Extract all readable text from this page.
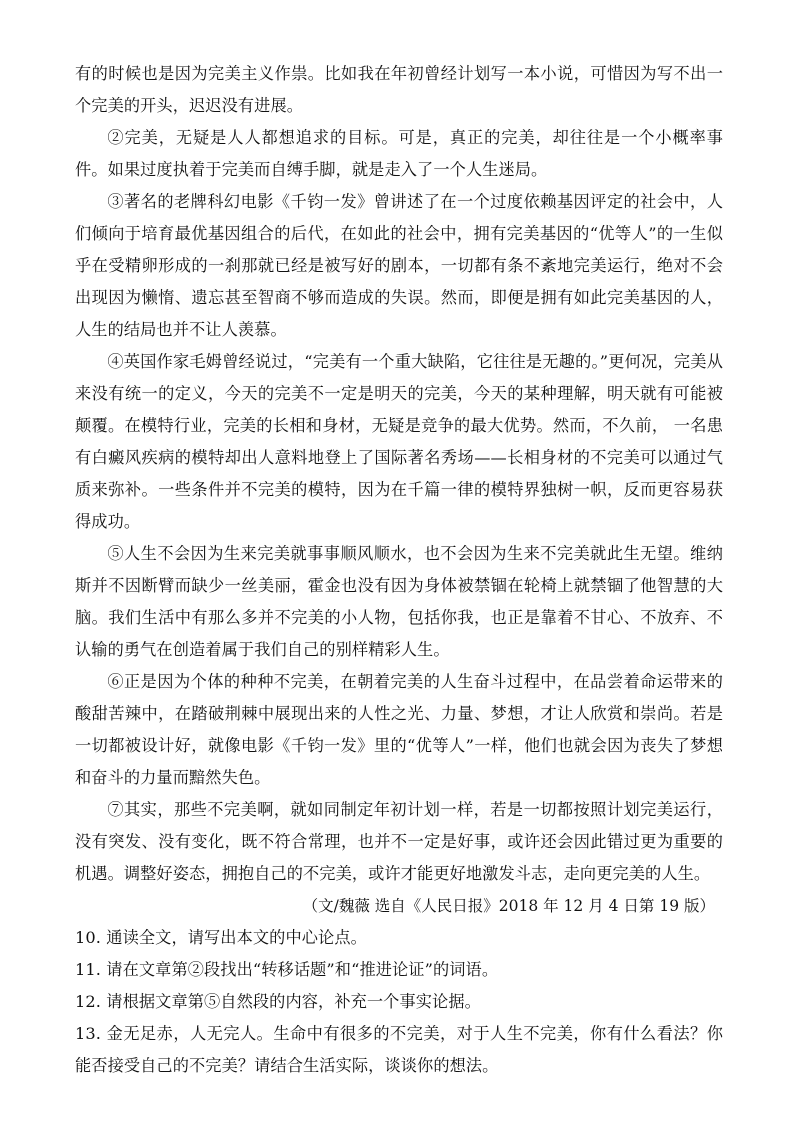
有的时候也是因为完美主义作祟。比如我在年初曾经计划写一本小说，可惜因为写不出一个完美的开头，迟迟没有进展。

②完美，无疑是人人都想追求的目标。可是，真正的完美，却往往是一个小概率事件。如果过度执着于完美而自缚手脚，就是走入了一个人生迷局。

③著名的老牌科幻电影《千钧一发》曾讲述了在一个过度依赖基因评定的社会中，人们倾向于培育最优基因组合的后代，在如此的社会中，拥有完美基因的“优等人”的一生似乎在受精卵形成的一刹那就已经是被写好的剧本，一切都有条不紊地完美运行，绝对不会出现因为懒惰、遗忘甚至智商不够而造成的失误。然而，即便是拥有如此完美基因的人，人生的结局也并不让人羡慕。

④英国作家毛姆曾经说过，“完美有一个重大缺陷，它往往是无趣的。”更何况，完美从来没有统一的定义，今天的完美不一定是明天的完美，今天的某种理解，明天就有可能被颠覆。在模特行业，完美的长相和身材，无疑是竞争的最大优势。然而，不久前， 一名患有白癜风疾病的模特却出人意料地登上了国际著名秀场——长相身材的不完美可以通过气质来弥补。一些条件并不完美的模特，因为在千篇一律的模特界独树一帜，反而更容易获得成功。

⑤人生不会因为生来完美就事事顺风顺水，也不会因为生来不完美就此生无望。维纳斯并不因断臂而缺少一丝美丽，霍金也没有因为身体被禁锢在轮椅上就禁锢了他智慧的大脑。我们生活中有那么多并不完美的小人物，包括你我，也正是靠着不甘心、不放弃、不认输的勇气在创造着属于我们自己的别样精彩人生。

⑥正是因为个体的种种不完美，在朝着完美的人生奋斗过程中，在品尝着命运带来的酸甜苦辣中，在踏破荆棘中展现出来的人性之光、力量、梦想，才让人欣赏和崇尚。若是一切都被设计好，就像电影《千钧一发》里的“优等人”一样，他们也就会因为丧失了梦想和奋斗的力量而黯然失色。

⑦其实，那些不完美啊，就如同制定年初计划一样，若是一切都按照计划完美运行，没有突发、没有变化，既不符合常理，也并不一定是好事，或许还会因此错过更为重要的机遇。调整好姿态，拥抱自己的不完美，或许才能更好地激发斗志，走向更完美的人生。

（文/魏薇 选自《人民日报》2018 年 12 月 4 日第 19 版）

10. 通读全文，请写出本文的中心论点。

11. 请在文章第②段找出“转移话题”和“推进论证”的词语。

12. 请根据文章第⑤自然段的内容，补充一个事实论据。

13. 金无足赤，人无完人。生命中有很多的不完美，对于人生不完美，你有什么看法？你能否接受自己的不完美？请结合生活实际，谈谈你的想法。
